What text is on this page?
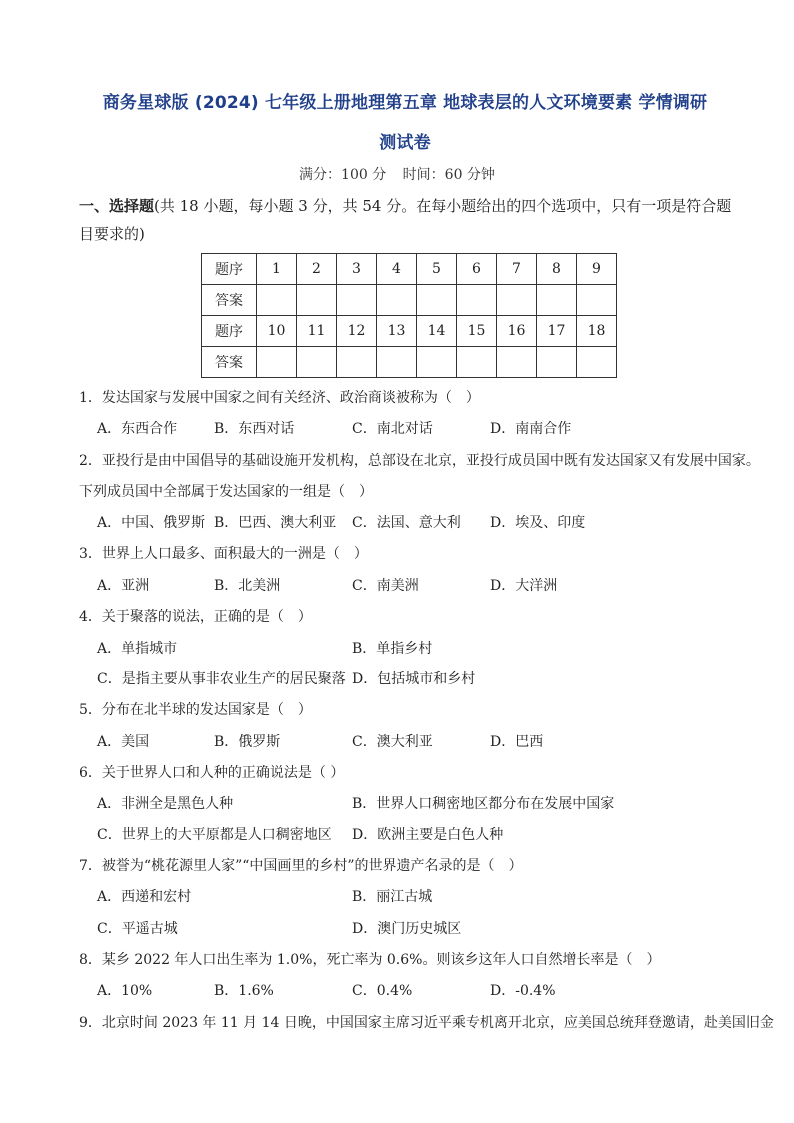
商务星球版 (2024) 七年级上册地理第五章 地球表层的人文环境要素 学情调研
测试卷
满分：100 分 时间：60 分钟
一、选择题(共 18 小题，每小题 3 分，共 54 分。在每小题给出的四个选项中，只有一项是符合题
目要求的)
题序	1	2	3	4	5	6	7	8	9
答案									
题序	10	11	12	13	14	15	16	17	18
答案									
1．发达国家与发展中国家之间有关经济、政治商谈被称为（　）
A．东西合作	B．东西对话	C．南北对话	D．南南合作
2．亚投行是由中国倡导的基础设施开发机构，总部设在北京，亚投行成员国中既有发达国家又有发展中国家。
下列成员国中全部属于发达国家的一组是（　）
A．中国、俄罗斯 B．巴西、澳大利亚 C．法国、意大利 D．埃及、印度
3．世界上人口最多、面积最大的一洲是（　）
A．亚洲	B．北美洲	C．南美洲	D．大洋洲
4．关于聚落的说法，正确的是（　）
A．单指城市	B．单指乡村
C．是指主要从事非农业生产的居民聚落 D．包括城市和乡村
5．分布在北半球的发达国家是（　）
A．美国	B．俄罗斯	C．澳大利亚	D．巴西
6．关于世界人口和人种的正确说法是（ ）
A．非洲全是黑色人种	B．世界人口稠密地区都分布在发展中国家
C．世界上的大平原都是人口稠密地区 D．欧洲主要是白色人种
7．被誉为“桃花源里人家”“中国画里的乡村”的世界遗产名录的是（　）
A．西递和宏村	B．丽江古城
C．平遥古城	D．澳门历史城区
8．某乡 2022 年人口出生率为 1.0%，死亡率为 0.6%。则该乡这年人口自然增长率是（　）
A．10%	B．1.6%	C．0.4%	D．-0.4%
9．北京时间 2023 年 11 月 14 日晚，中国国家主席习近平乘专机离开北京，应美国总统拜登邀请，赴美国旧金
